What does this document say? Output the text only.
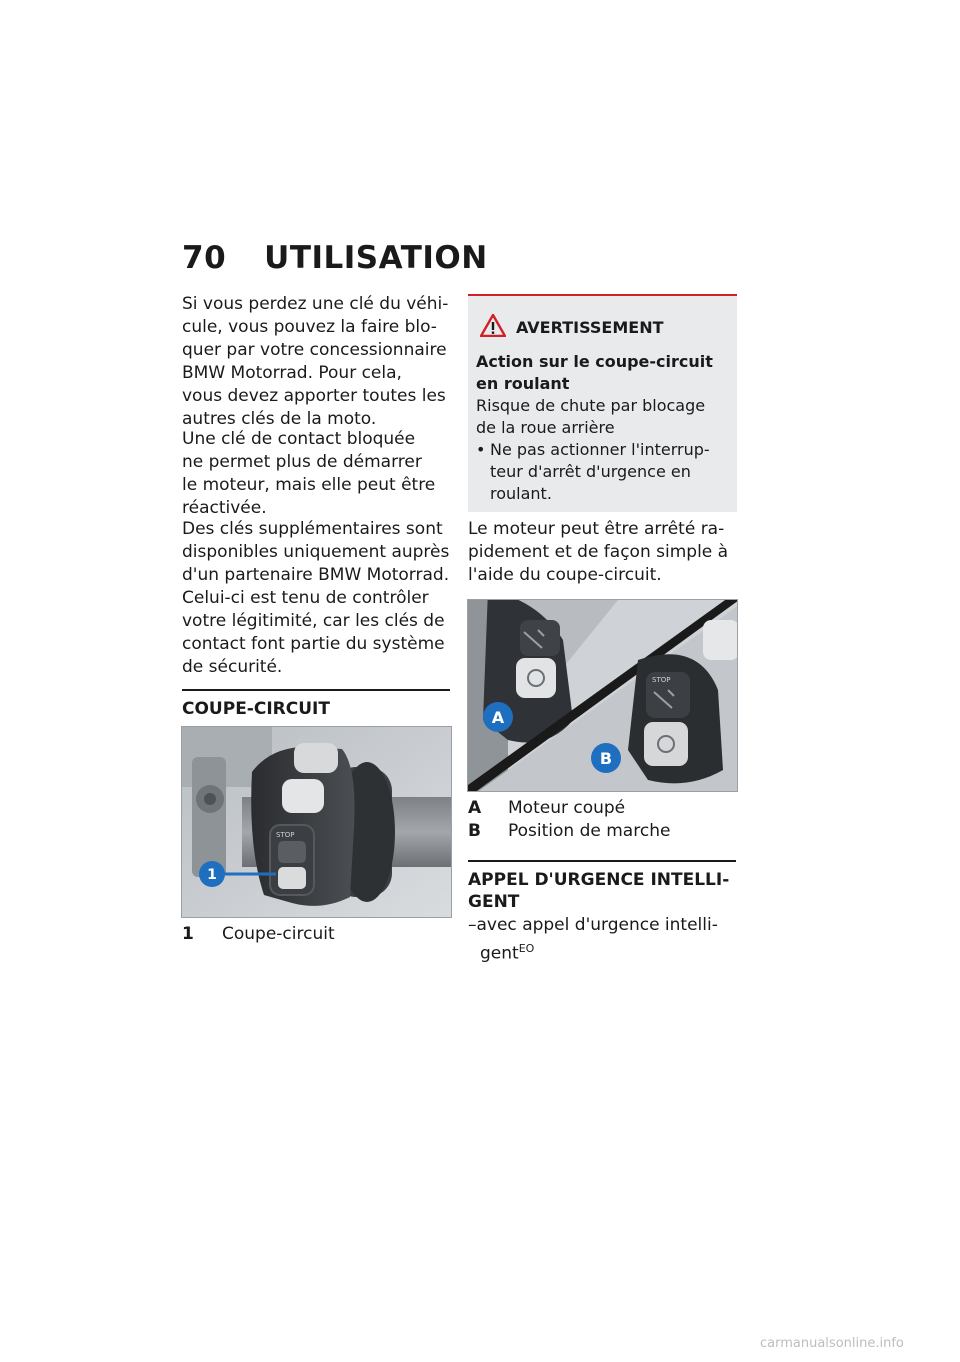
70 UTILISATION

Si vous perdez une clé du véhi-

cule, vous pouvez la faire blo-

quer par votre concessionnaire

BMW Motorrad. Pour cela,

vous devez apporter toutes les

autres clés de la moto.

Une clé de contact bloquée

ne permet plus de démarrer

le moteur, mais elle peut être

réactivée.

Des clés supplémentaires sont

disponibles uniquement auprès

d'un partenaire BMW Motorrad.

Celui-ci est tenu de contrôler

votre légitimité, car les clés de

contact font partie du système

de sécurité.

COUPE-CIRCUIT
STOP
1
1	Coupe-circuit
AVERTISSEMENT
Action sur le coupe-circuit
en roulant
Risque de chute par blocage
de la roue arrière
• Ne pas actionner l'interrup-
teur d'arrêt d'urgence en
roulant.

Le moteur peut être arrêté ra-

pidement et de façon simple à

l'aide du coupe-circuit.

STOP
A
B
A	Moteur coupé
B	Position de marche
APPEL D'URGENCE INTELLI-
GENT

–avec appel d'urgence intelli-

gent$^{EO}$

carmanualsonline.info
